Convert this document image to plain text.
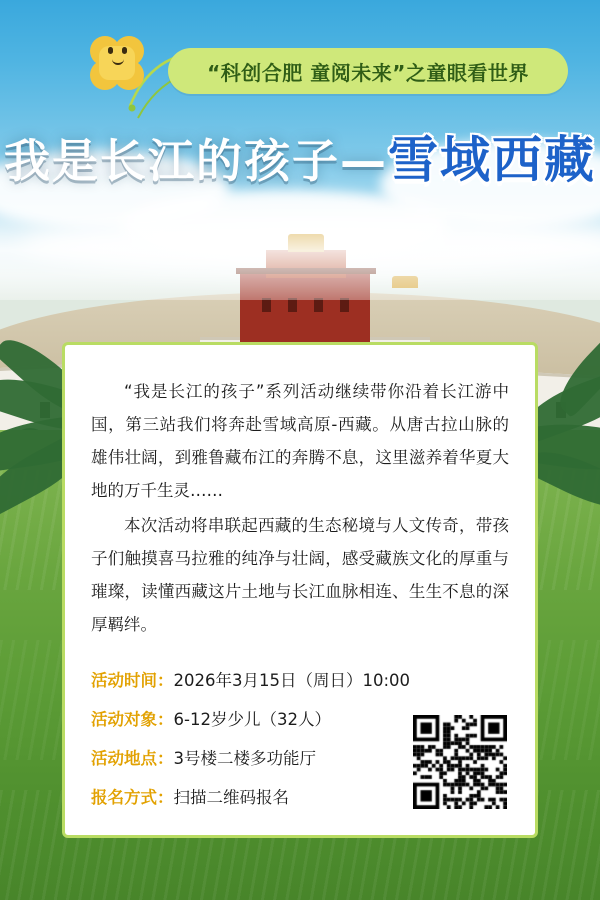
“科创合肥 童阅未来”之童眼看世界
我是长江的孩子—雪域西藏

“我是长江的孩子”系列活动继续带你沿着长江游中国，第三站我们将奔赴雪域高原-西藏。从唐古拉山脉的雄伟壮阔，到雅鲁藏布江的奔腾不息，这里滋养着华夏大地的万千生灵……

本次活动将串联起西藏的生态秘境与人文传奇，带孩子们触摸喜马拉雅的纯净与壮阔，感受藏族文化的厚重与璀璨，读懂西藏这片土地与长江血脉相连、生生不息的深厚羁绊。

活动时间： 2026年3月15日（周日）10:00
活动对象： 6-12岁少儿（32人）
活动地点： 3号楼二楼多功能厅
报名方式： 扫描二维码报名
